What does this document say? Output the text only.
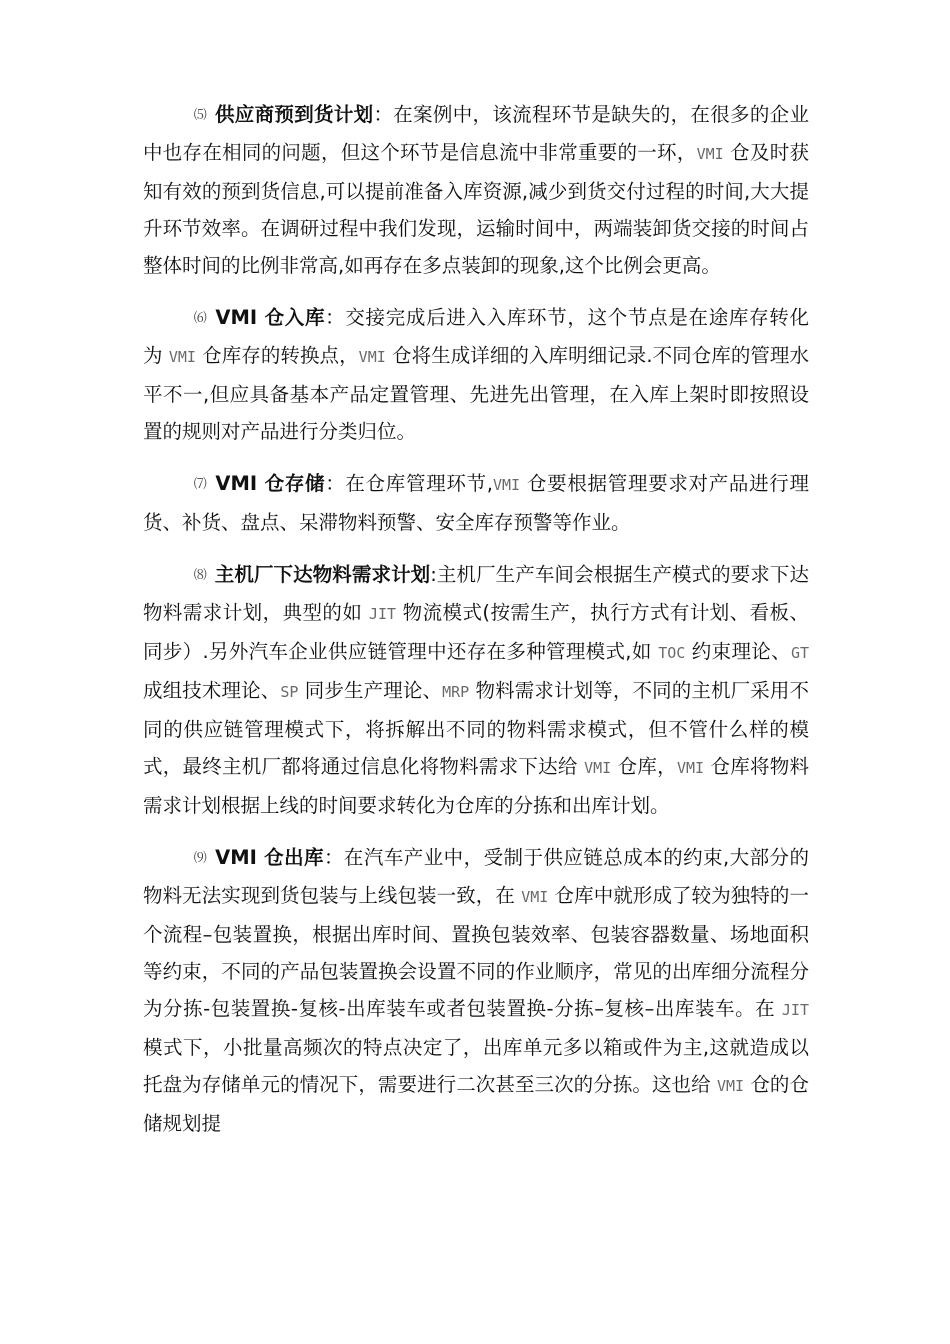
⑸ 供应商预到货计划：在案例中，该流程环节是缺失的，在很多的企业中也存在相同的问题，但这个环节是信息流中非常重要的一环，VMI 仓及时获知有效的预到货信息,可以提前准备入库资源,减少到货交付过程的时间,大大提升环节效率。在调研过程中我们发现，运输时间中，两端装卸货交接的时间占整体时间的比例非常高,如再存在多点装卸的现象,这个比例会更高。

⑹ VMI 仓入库：交接完成后进入入库环节，这个节点是在途库存转化为 VMI 仓库存的转换点，VMI 仓将生成详细的入库明细记录.不同仓库的管理水平不一,但应具备基本产品定置管理、先进先出管理，在入库上架时即按照设置的规则对产品进行分类归位。

⑺ VMI 仓存储：在仓库管理环节,VMI 仓要根据管理要求对产品进行理货、补货、盘点、呆滞物料预警、安全库存预警等作业。

⑻ 主机厂下达物料需求计划:主机厂生产车间会根据生产模式的要求下达物料需求计划，典型的如 JIT 物流模式(按需生产，执行方式有计划、看板、同步）.另外汽车企业供应链管理中还存在多种管理模式,如 TOC 约束理论、GT 成组技术理论、SP 同步生产理论、MRP 物料需求计划等，不同的主机厂采用不同的供应链管理模式下，将拆解出不同的物料需求模式，但不管什么样的模式，最终主机厂都将通过信息化将物料需求下达给 VMI 仓库，VMI 仓库将物料需求计划根据上线的时间要求转化为仓库的分拣和出库计划。

⑼ VMI 仓出库：在汽车产业中，受制于供应链总成本的约束,大部分的物料无法实现到货包装与上线包装一致，在 VMI 仓库中就形成了较为独特的一个流程–包装置换，根据出库时间、置换包装效率、包装容器数量、场地面积等约束，不同的产品包装置换会设置不同的作业顺序，常见的出库细分流程分为分拣-包装置换-复核-出库装车或者包装置换-分拣–复核–出库装车。在 JIT 模式下，小批量高频次的特点决定了，出库单元多以箱或件为主,这就造成以托盘为存储单元的情况下，需要进行二次甚至三次的分拣。这也给 VMI 仓的仓储规划提
